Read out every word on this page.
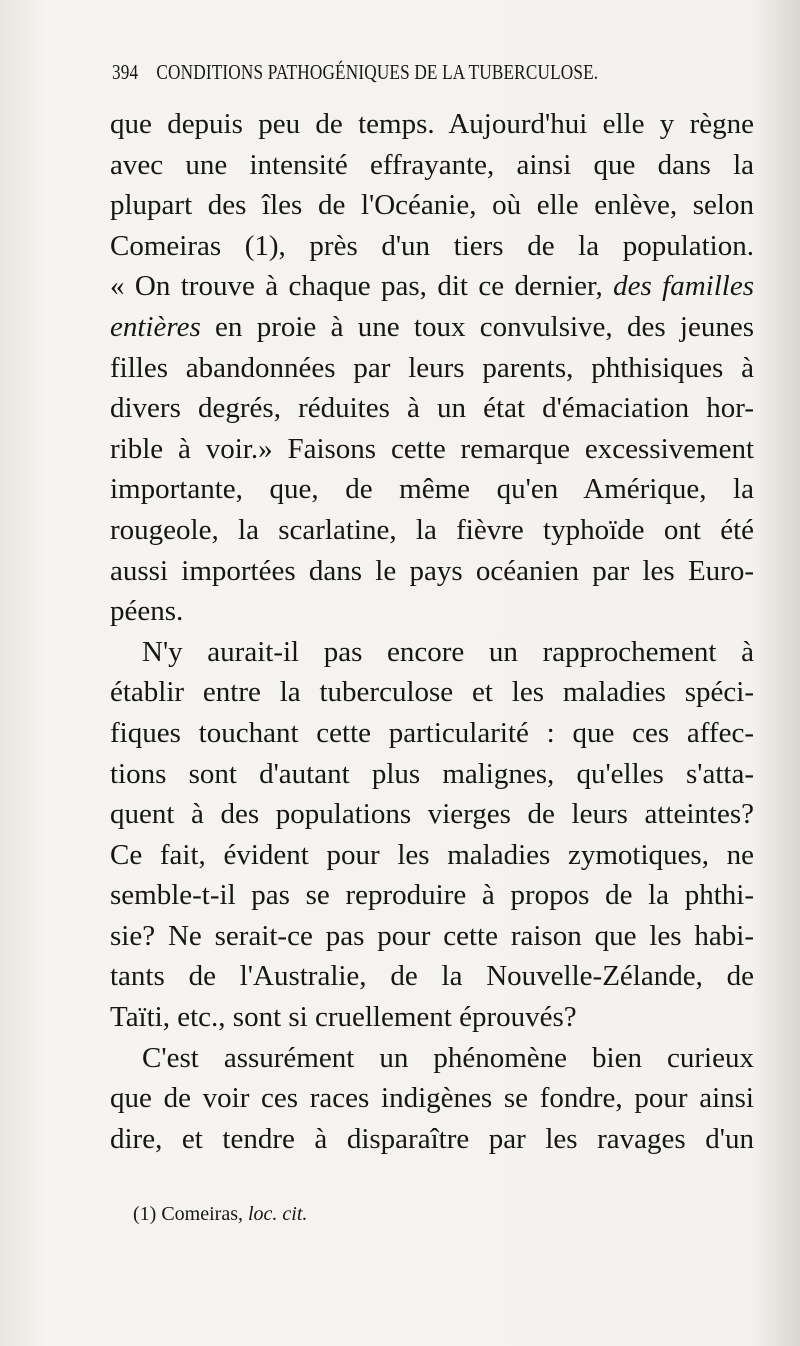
394 CONDITIONS PATHOGÉNIQUES DE LA TUBERCULOSE.
que depuis peu de temps. Aujourd'hui elle y règne
avec une intensité effrayante, ainsi que dans la
plupart des îles de l'Océanie, où elle enlève, selon
Comeiras (1), près d'un tiers de la population.
« On trouve à chaque pas, dit ce dernier, des familles
entières en proie à une toux convulsive, des jeunes
filles abandonnées par leurs parents, phthisiques à
divers degrés, réduites à un état d'émaciation hor-
rible à voir.» Faisons cette remarque excessivement
importante, que, de même qu'en Amérique, la
rougeole, la scarlatine, la fièvre typhoïde ont été
aussi importées dans le pays océanien par les Euro-
péens.
N'y aurait-il pas encore un rapprochement à
établir entre la tuberculose et les maladies spéci-
fiques touchant cette particularité : que ces affec-
tions sont d'autant plus malignes, qu'elles s'atta-
quent à des populations vierges de leurs atteintes?
Ce fait, évident pour les maladies zymotiques, ne
semble-t-il pas se reproduire à propos de la phthi-
sie? Ne serait-ce pas pour cette raison que les habi-
tants de l'Australie, de la Nouvelle-Zélande, de
Taïti, etc., sont si cruellement éprouvés?
C'est assurément un phénomène bien curieux
que de voir ces races indigènes se fondre, pour ainsi
dire, et tendre à disparaître par les ravages d'un
(1) Comeiras, loc. cit.
